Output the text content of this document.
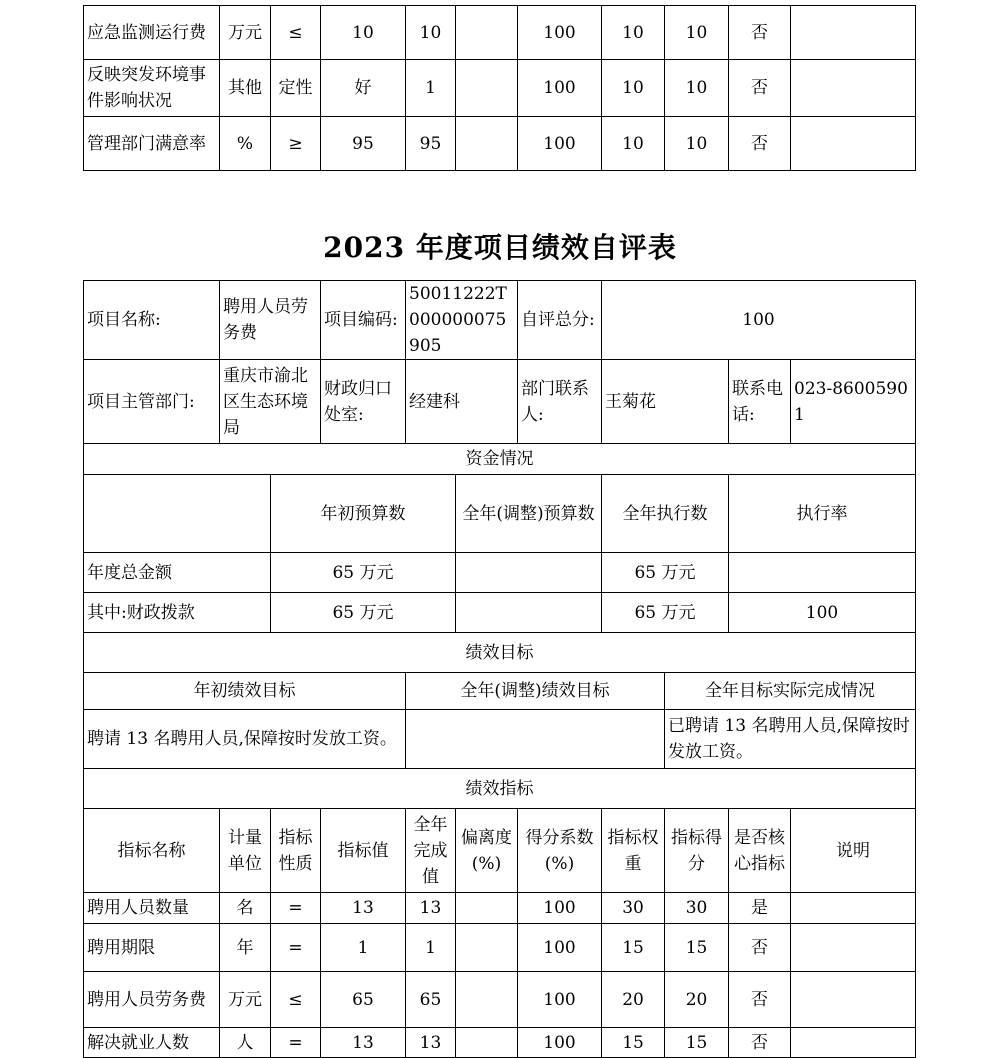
应急监测运行费	万元	≤	10	10		100	10	10	否	
反映突发环境事件影响状况	其他	定性	好	1		100	10	10	否	
管理部门满意率	%	≥	95	95		100	10	10	否	
2023 年度项目绩效自评表
项目名称:	聘用人员劳务费		项目编码:	50011222T000000075905		自评总分:	100				
项目主管部门:	重庆市渝北区生态环境局		财政归口处室:	经建科		部门联系人:	王菊花		联系电话:	023-86005901	
资金情况											
		年初预算数			全年(调整)预算数		全年执行数		执行率	

年度总金额		65 万元					65 万元				

其中:财政拨款		65 万元					65 万元		100	

绩效目标											
年初绩效目标				全年(调整)绩效目标				全年目标实际完成情况			
聘请 13 名聘用人员,保障按时发放工资。								已聘请 13 名聘用人员,保障按时发放工资。			
绩效指标											
指标名称	计量单位	指标性质	指标值	全年完成值	偏离度(%)	得分系数(%)	指标权重	指标得分	是否核心指标	说明	
聘用人员数量	名	=	13	13		100	30	30	是		
聘用期限	年	=	1	1		100	15	15	否		
聘用人员劳务费	万元	≤	65	65		100	20	20	否		
解决就业人数	人	=	13	13		100	15	15	否		
